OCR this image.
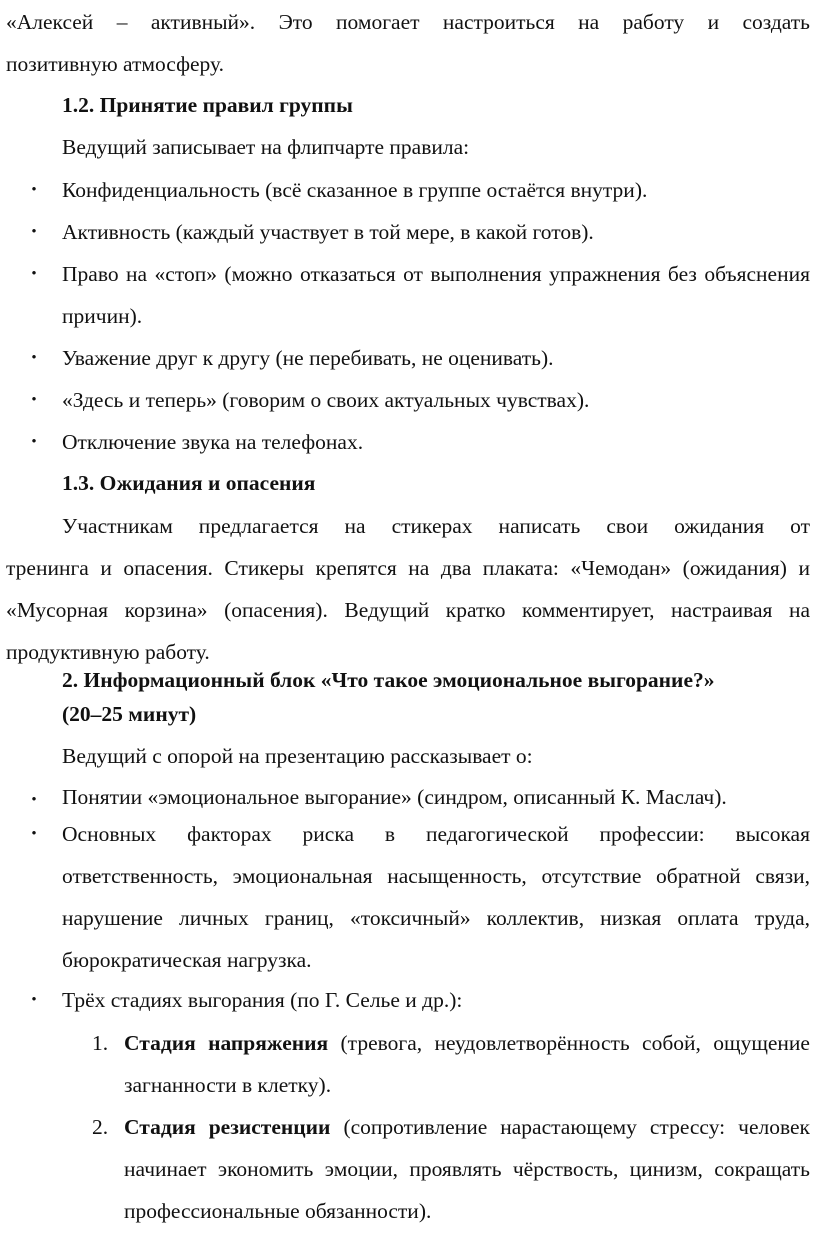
«Алексей – активный». Это помогает настроиться на работу и создать

позитивную атмосферу.

1.2. Принятие правил группы

Ведущий записывает на флипчарте правила:

• Конфиденциальность (всё сказанное в группе остаётся внутри).

• Активность (каждый участвует в той мере, в какой готов).

• Право на «стоп» (можно отказаться от выполнения упражнения без объяснения причин).

• Уважение друг к другу (не перебивать, не оценивать).

• «Здесь и теперь» (говорим о своих актуальных чувствах).

• Отключение звука на телефонах.

1.3. Ожидания и опасения

Участникам предлагается на стикерах написать свои ожидания от

тренинга и опасения. Стикеры крепятся на два плаката: «Чемодан» (ожидания) и «Мусорная корзина» (опасения). Ведущий кратко комментирует, настраивая на продуктивную работу.

2. Информационный блок «Что такое эмоциональное выгорание?»

(20–25 минут)

Ведущий с опорой на презентацию рассказывает о:

• Понятии «эмоциональное выгорание» (синдром, описанный К. Маслач).

• Основных факторах риска в педагогической профессии: высокая ответственность, эмоциональная насыщенность, отсутствие обратной связи, нарушение личных границ, «токсичный» коллектив, низкая оплата труда, бюрократическая нагрузка.

• Трёх стадиях выгорания (по Г. Селье и др.):

1. Стадия напряжения (тревога, неудовлетворённость собой, ощущение загнанности в клетку).

2. Стадия резистенции (сопротивление нарастающему стрессу: человек начинает экономить эмоции, проявлять чёрствость, цинизм, сокращать профессиональные обязанности).
